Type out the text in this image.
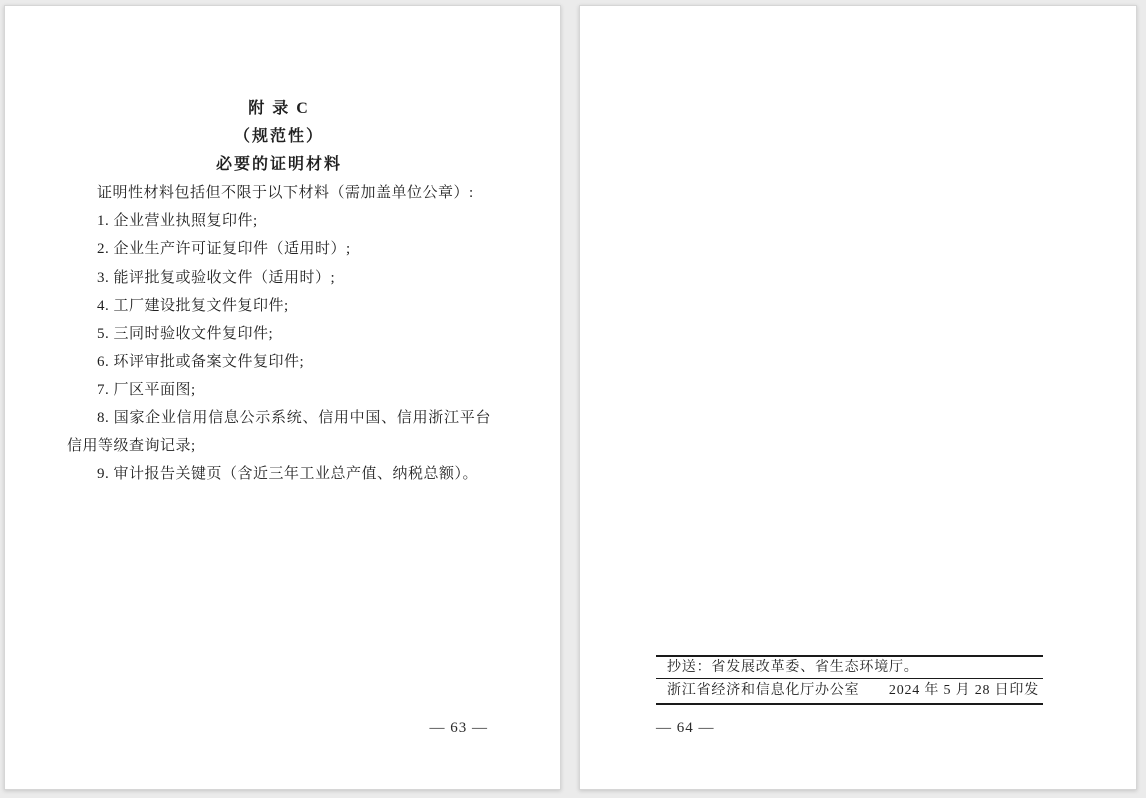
附 录 C

（规范性）

必要的证明材料

证明性材料包括但不限于以下材料（需加盖单位公章）:

1. 企业营业执照复印件;

2. 企业生产许可证复印件（适用时）;

3. 能评批复或验收文件（适用时）;

4. 工厂建设批复文件复印件;

5. 三同时验收文件复印件;

6. 环评审批或备案文件复印件;

7. 厂区平面图;

8. 国家企业信用信息公示系统、信用中国、信用浙江平台信用等级查询记录;

9. 审计报告关键页（含近三年工业总产值、纳税总额）。

— 63 —
抄送：省发展改革委、省生态环境厅。
浙江省经济和信息化厅办公室 2024 年 5 月 28 日印发
— 64 —
